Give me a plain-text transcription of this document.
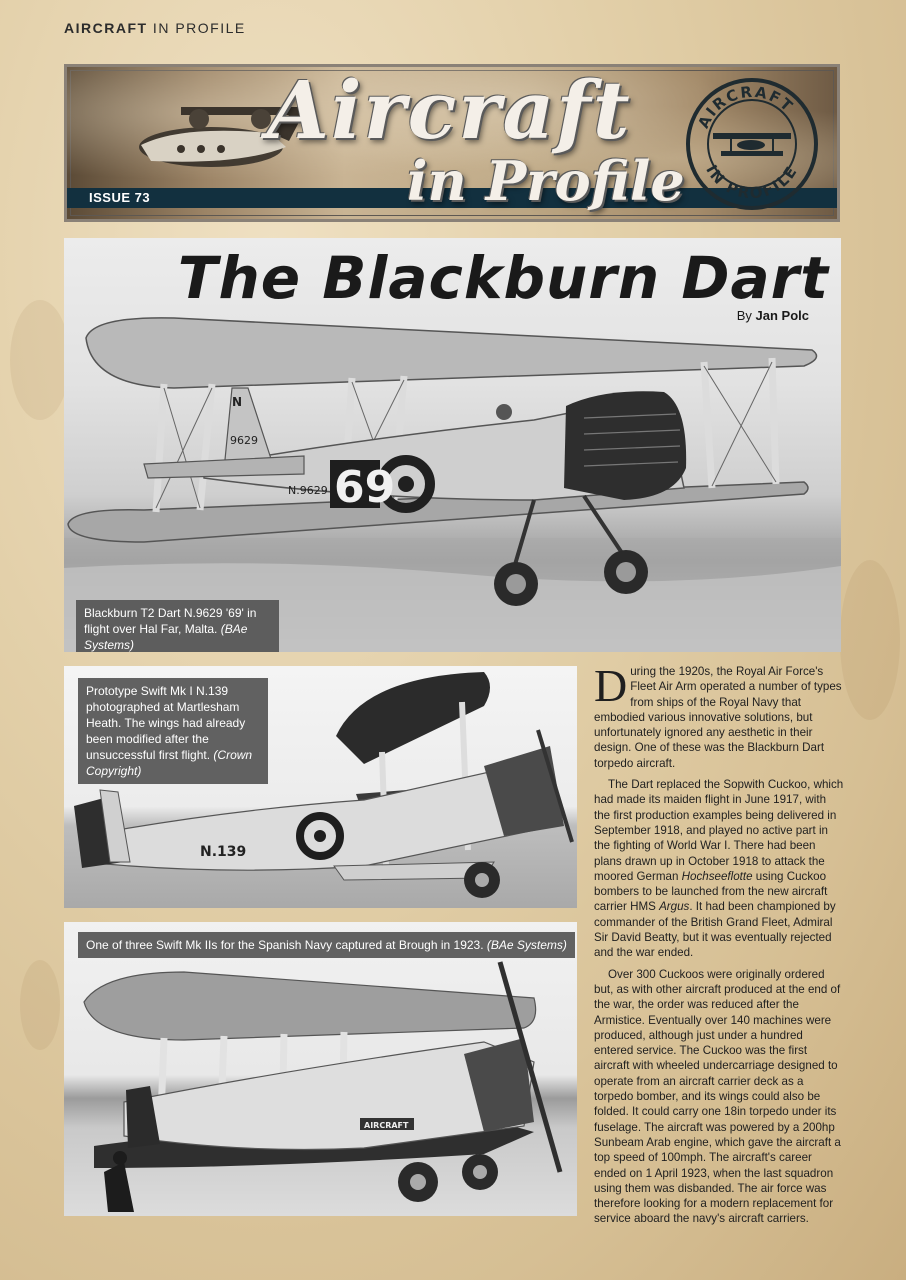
AIRCRAFT IN PROFILE
Aircraft
ISSUE 73	in Profile
AIRCRAFT
IN PROFILE
69
N.9629
N
9629
The Blackburn Dart
By Jan Polc
Blackburn T2 Dart N.9629 '69' in flight over Hal Far, Malta. (BAe Systems)
N.139
Prototype Swift Mk I N.139 photographed at Martlesham Heath. The wings had already been modified after the unsuccessful first flight. (Crown Copyright)
AIRCRAFT
One of three Swift Mk IIs for the Spanish Navy captured at Brough in 1923. (BAe Systems)

During the 1920s, the Royal Air Force's Fleet Air Arm operated a number of types from ships of the Royal Navy that embodied various innovative solutions, but unfortunately ignored any aesthetic in their design. One of these was the Blackburn Dart torpedo aircraft.

The Dart replaced the Sopwith Cuckoo, which had made its maiden flight in June 1917, with the first production examples being delivered in September 1918, and played no active part in the fighting of World War I. There had been plans drawn up in October 1918 to attack the moored German Hochseeflotte using Cuckoo bombers to be launched from the new aircraft carrier HMS Argus. It had been championed by commander of the British Grand Fleet, Admiral Sir David Beatty, but it was eventually rejected and the war ended.

Over 300 Cuckoos were originally ordered but, as with other aircraft produced at the end of the war, the order was reduced after the Armistice. Eventually over 140 machines were produced, although just under a hundred entered service. The Cuckoo was the first aircraft with wheeled undercarriage designed to operate from an aircraft carrier deck as a torpedo bomber, and its wings could also be folded. It could carry one 18in torpedo under its fuselage. The aircraft was powered by a 200hp Sunbeam Arab engine, which gave the aircraft a top speed of 100mph. The aircraft's career ended on 1 April 1923, when the last squadron using them was disbanded. The air force was therefore looking for a modern replacement for service aboard the navy's aircraft carriers.
